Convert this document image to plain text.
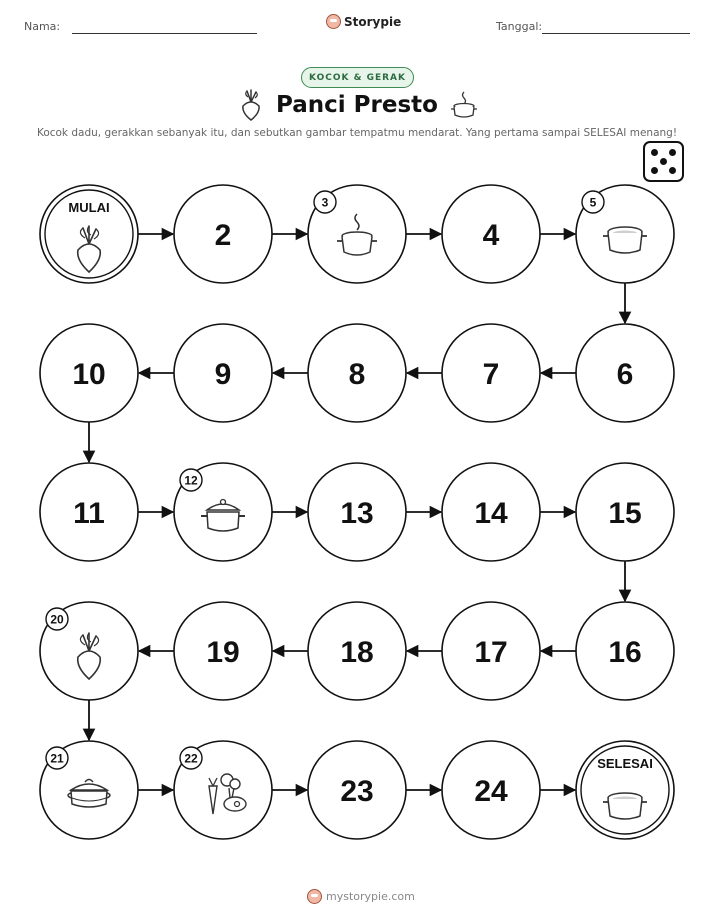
Nama:	Storypie	Tanggal:
KOCOK & GERAK
Panci Presto
Kocok dadu, gerakkan sebanyak itu, dan sebutkan gambar tempatmu mendarat. Yang pertama sampai SELESAI menang!
MULAI
2
3
4
5
6
7
8
9
10
11
12
13	14	15
16
17
18
19
20
21	22
23	24
SELESAI
mystorypie.com
